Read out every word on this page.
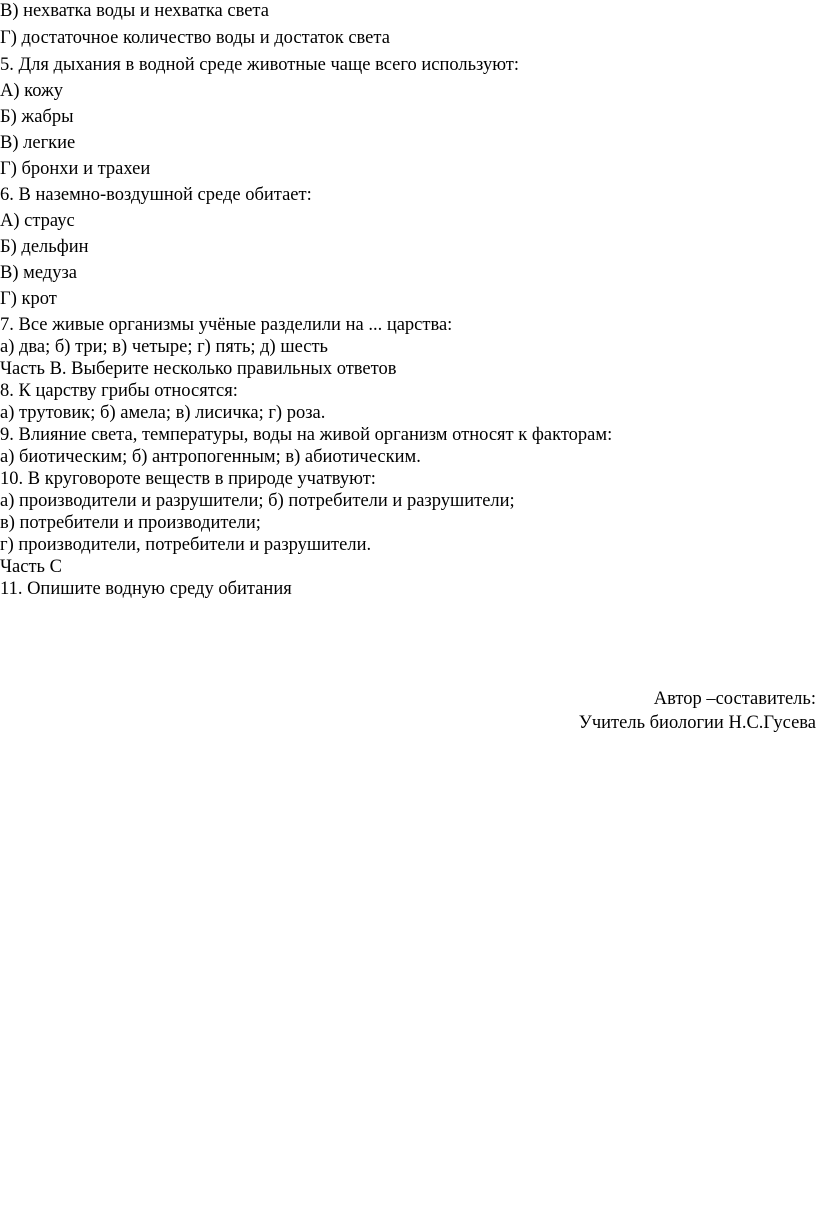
В) нехватка воды и нехватка света
Г) достаточное количество воды и достаток света
5. Для дыхания в водной среде животные чаще всего используют:
А) кожу
Б) жабры
В) легкие
Г) бронхи и трахеи
6. В наземно-воздушной среде обитает:
А) страус
Б) дельфин
В) медуза
Г) крот
7. Все живые организмы учёные разделили на ... царства:
а) два; б) три; в) четыре; г) пять; д) шесть
Часть В. Выберите несколько правильных ответов
8. К царству грибы относятся:
а) трутовик; б) амела; в) лисичка; г) роза.
9. Влияние света, температуры, воды на живой организм относят к факторам:
а) биотическим; б) антропогенным; в) абиотическим.
10. В круговороте веществ в природе учатвуют:
а) производители и разрушители; б) потребители и разрушители;
в) потребители и производители;
г) производители, потребители и разрушители.
Часть С
11. Опишите водную среду обитания
Автор –составитель:
Учитель биологии Н.С.Гусева
